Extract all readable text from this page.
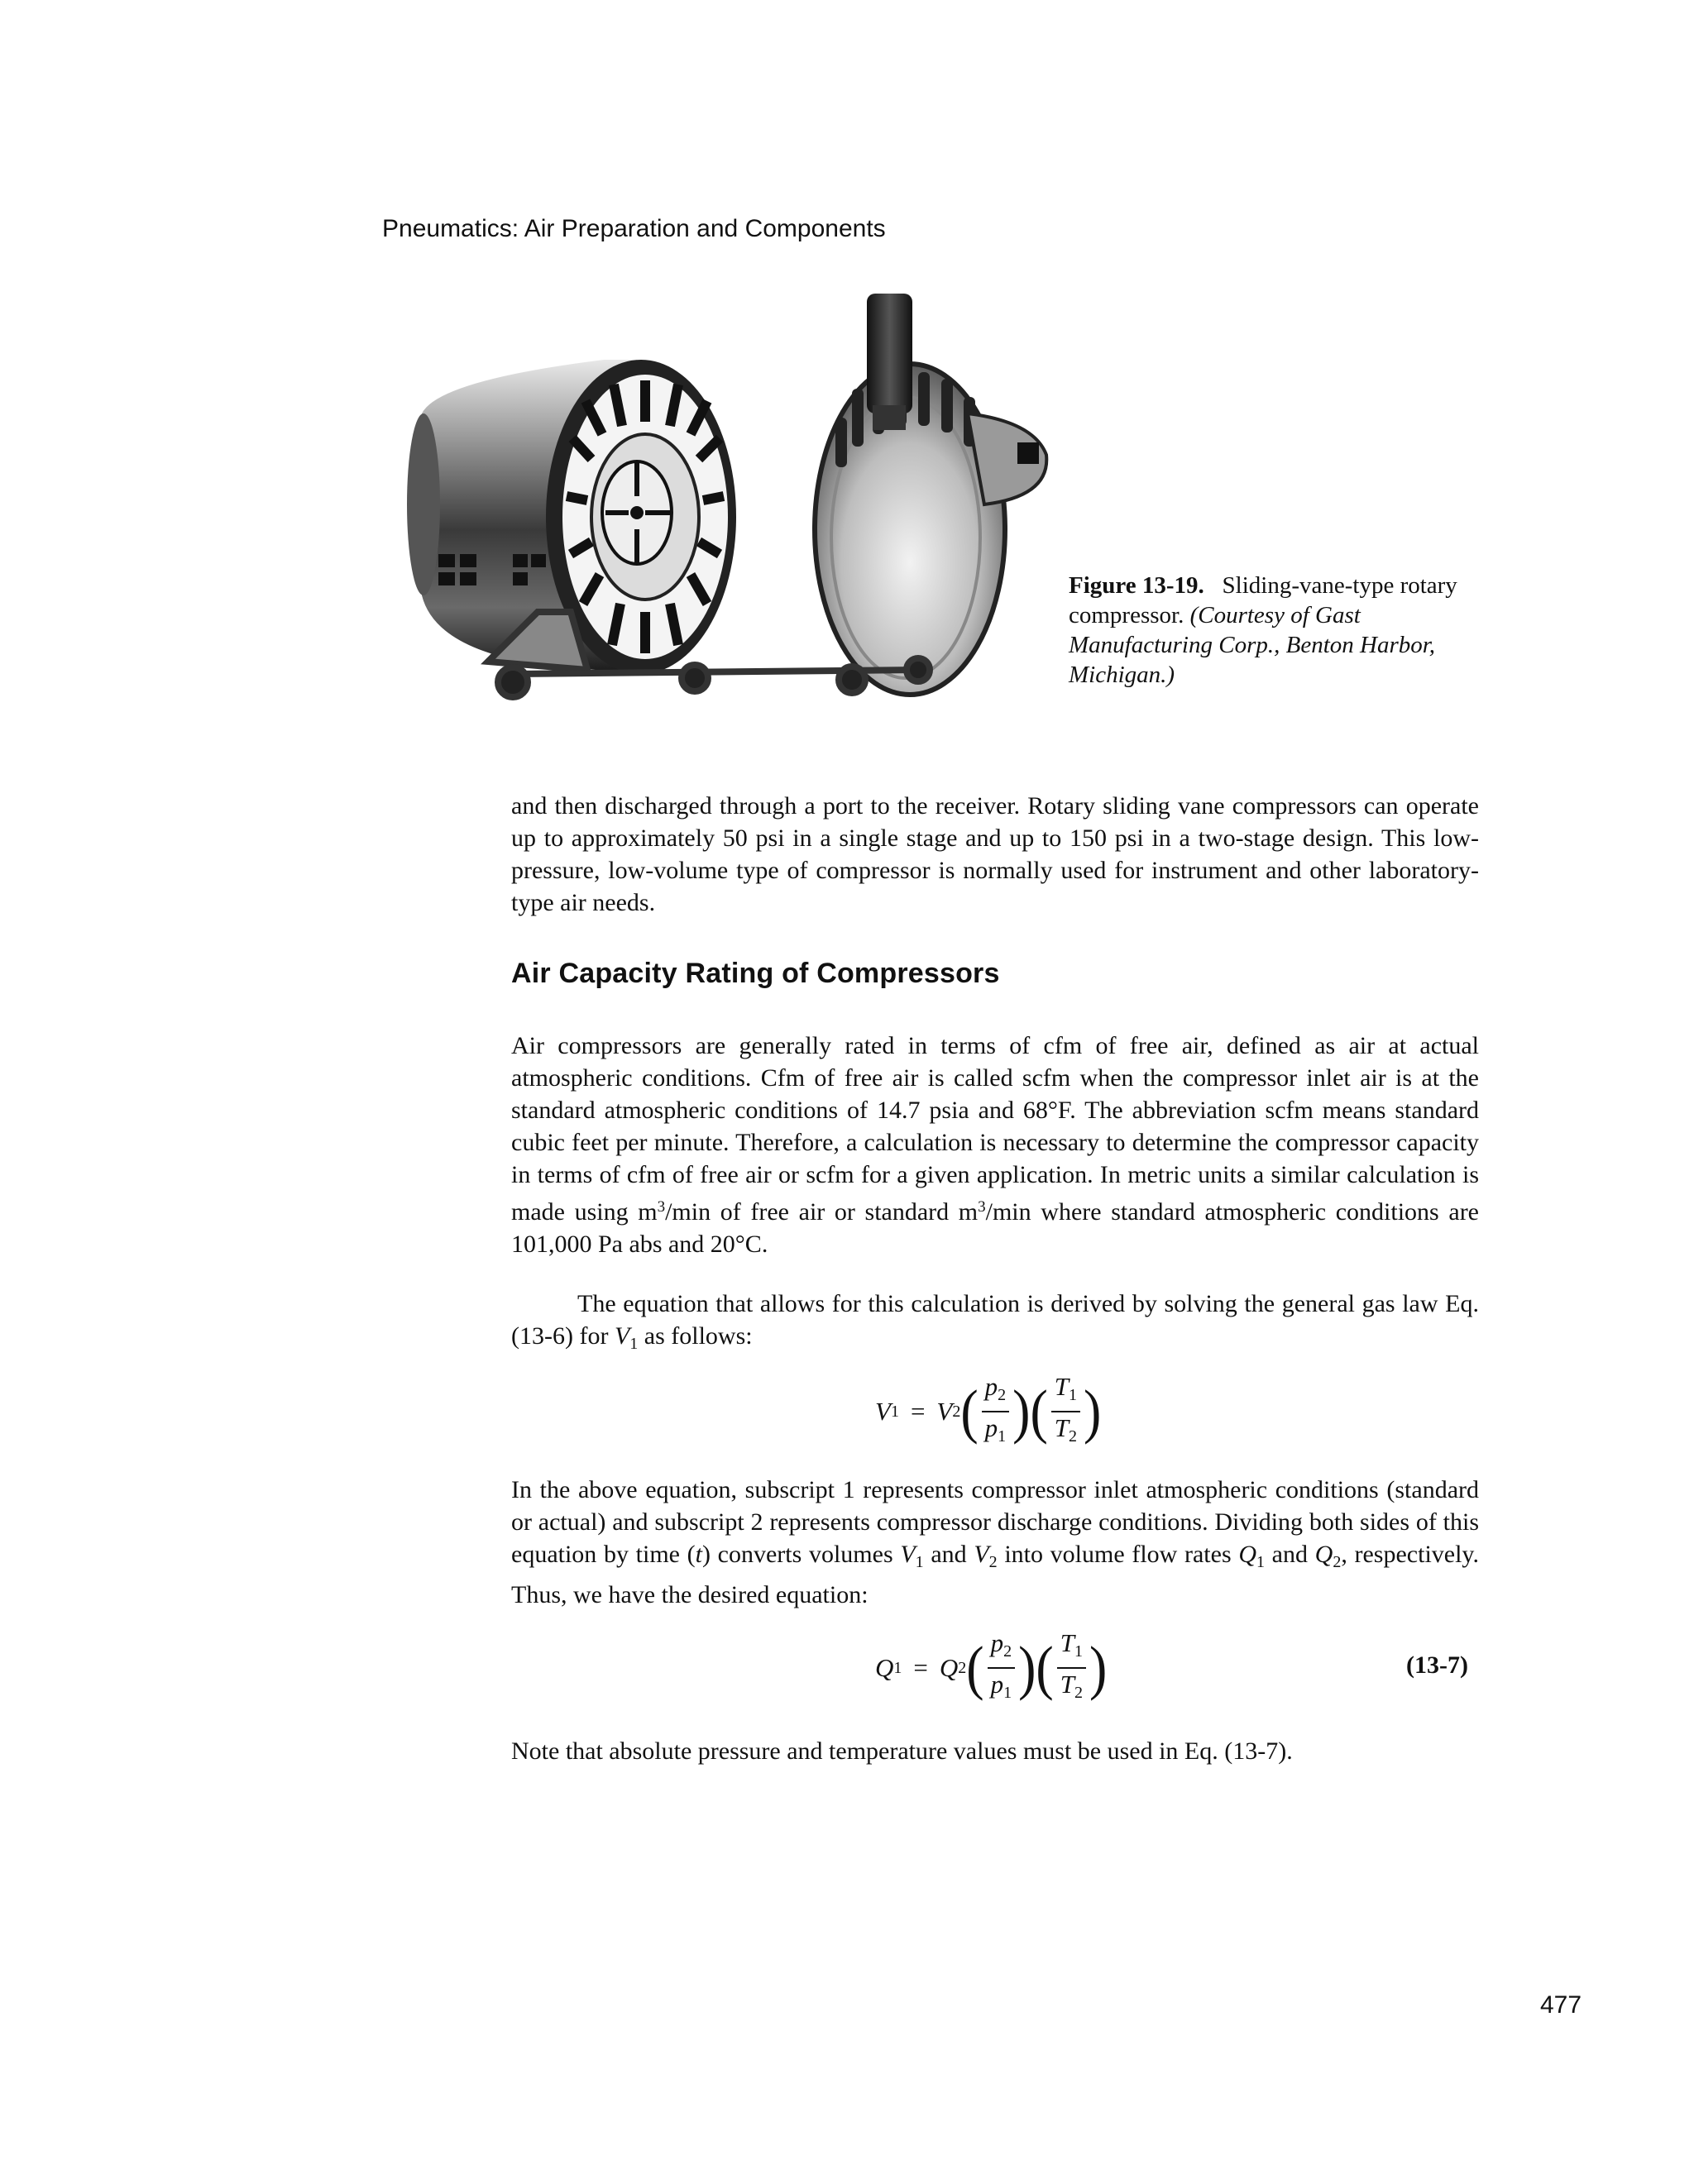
Pneumatics: Air Preparation and Components
Figure 13-19. Sliding-vane-type rotary compressor. (Courtesy of Gast Manufacturing Corp., Benton Harbor, Michigan.)

and then discharged through a port to the receiver. Rotary sliding vane compressors can operate up to approximately 50 psi in a single stage and up to 150 psi in a two-stage design. This low-pressure, low-volume type of compressor is normally used for instrument and other laboratory-type air needs.

Air Capacity Rating of Compressors

Air compressors are generally rated in terms of cfm of free air, defined as air at actual atmospheric conditions. Cfm of free air is called scfm when the compressor inlet air is at the standard atmospheric conditions of 14.7 psia and 68°F. The abbreviation scfm means standard cubic feet per minute. Therefore, a calculation is necessary to determine the compressor capacity in terms of cfm of free air or scfm for a given application. In metric units a similar calculation is made using $m^3/\min$ of free air or standard $m^3/\min$ where standard atmospheric conditions are 101,000 Pa abs and 20°C.

The equation that allows for this calculation is derived by solving the general gas law Eq. (13-6) for $V_1$ as follows:

V 1 = V 2 ( $\frac{p_2}{p_1}$ ) ( $\frac{T_1}{T_2}$ )

In the above equation, subscript 1 represents compressor inlet atmospheric conditions (standard or actual) and subscript 2 represents compressor discharge conditions. Dividing both sides of this equation by time (t) converts volumes $V_1$ and $V_2$ into volume flow rates $Q_1$ and $Q_2$, respectively. Thus, we have the desired equation:

Q 1 = Q 2 ( $\frac{p_2}{p_1}$ ) ( $\frac{T_1}{T_2}$ )	(13-7)

Note that absolute pressure and temperature values must be used in Eq. (13-7).

477
